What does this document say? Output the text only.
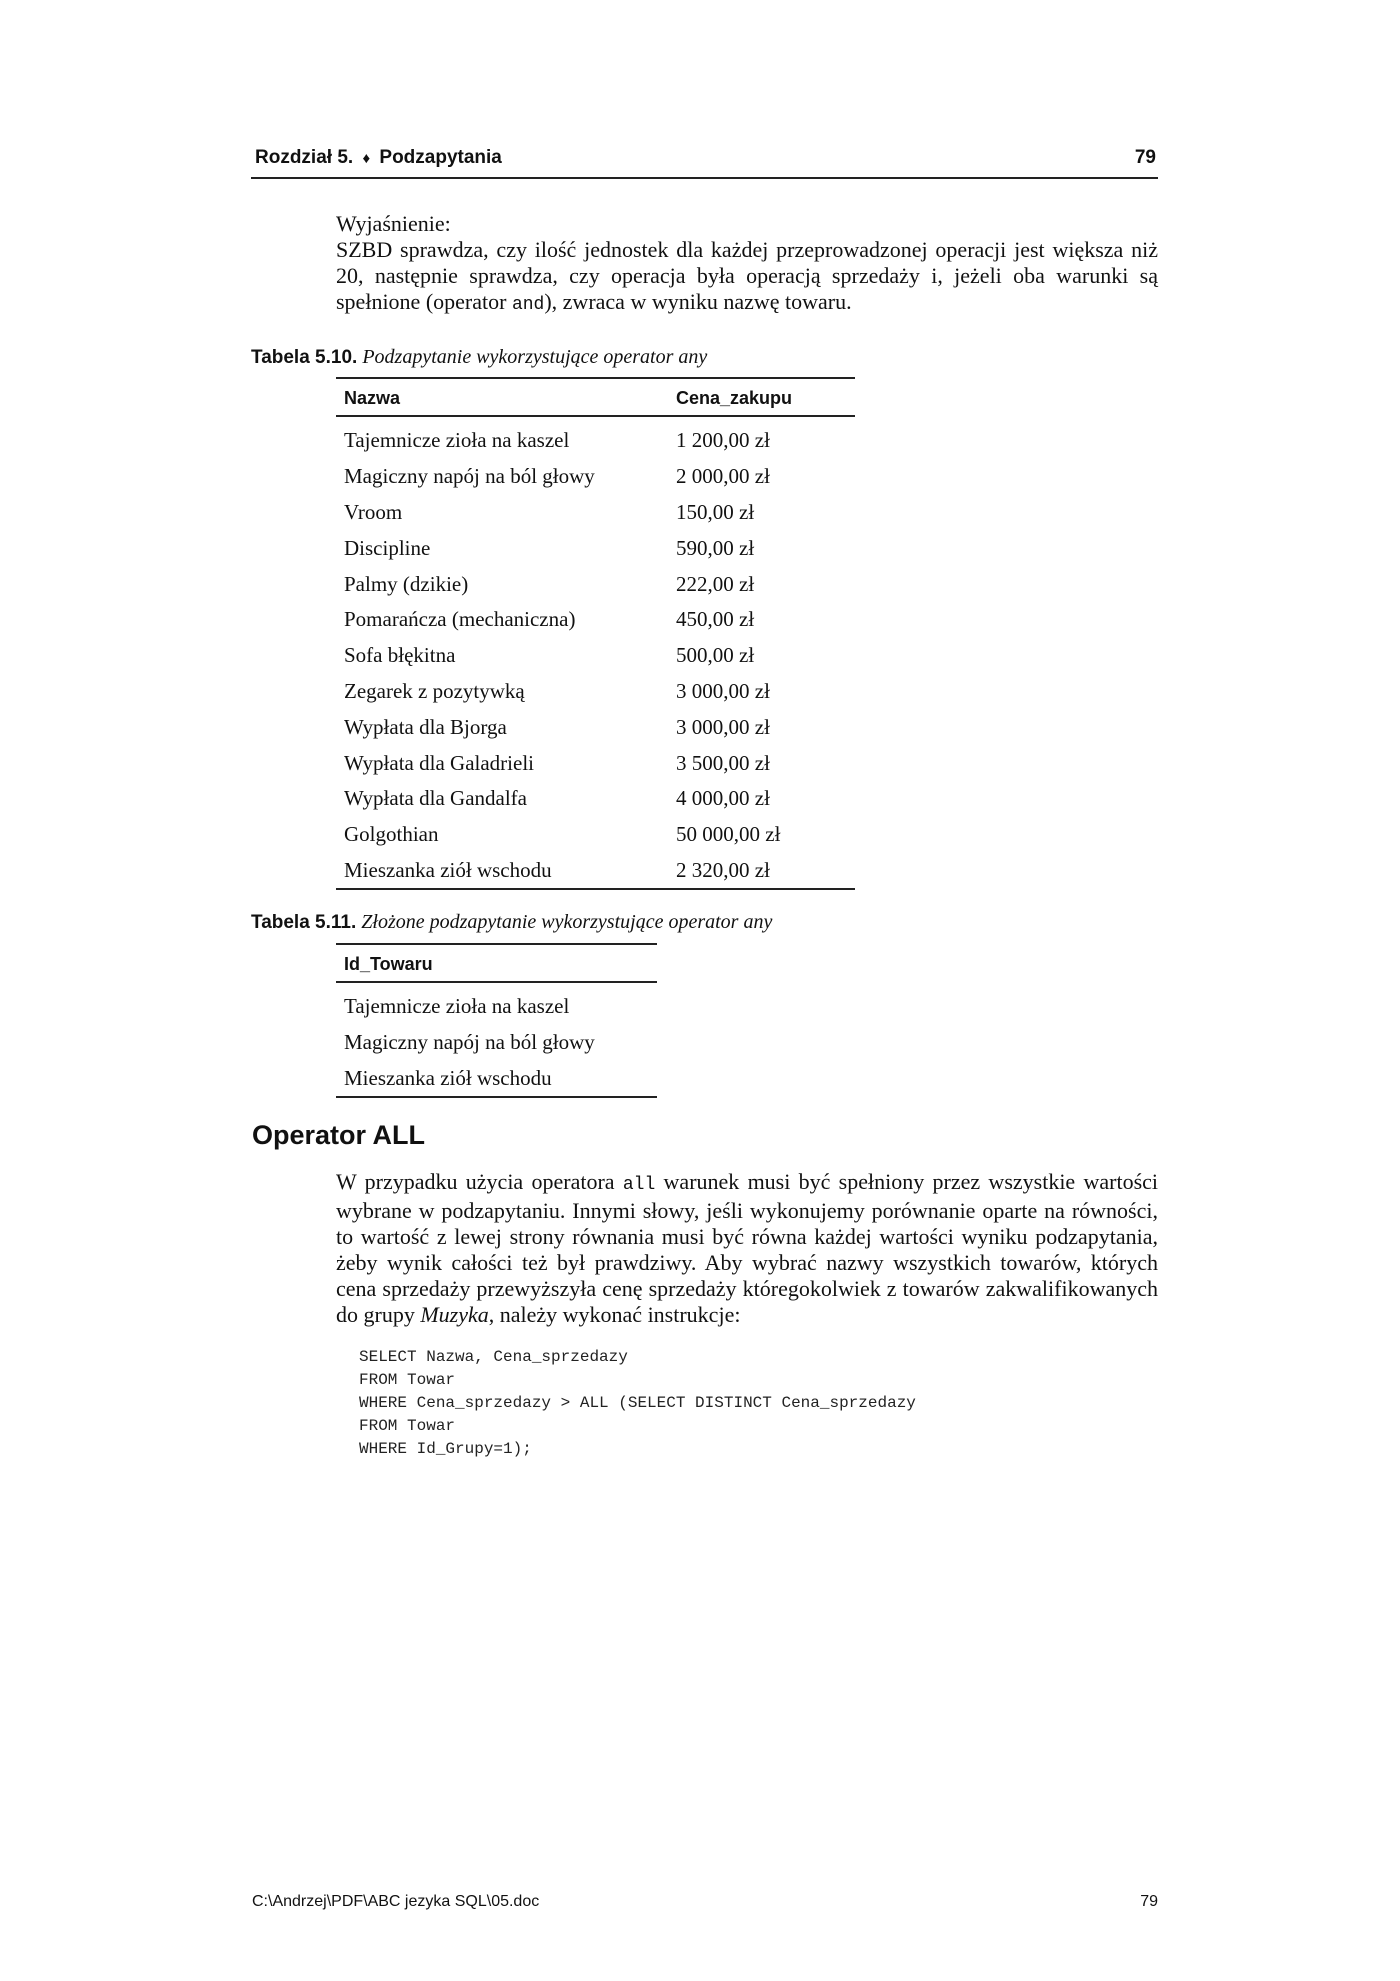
Rozdział 5. ♦ Podzapytania	79

Wyjaśnienie:

SZBD sprawdza, czy ilość jednostek dla każdej przeprowadzonej operacji jest większa niż 20, następnie sprawdza, czy operacja była operacją sprzedaży i, jeżeli oba warunki są spełnione (operator and), zwraca w wyniku nazwę towaru.

Tabela 5.10. Podzapytanie wykorzystujące operator any
Nazwa	Cena_zakupu
Tajemnicze zioła na kaszel	1 200,00 zł
Magiczny napój na ból głowy	2 000,00 zł
Vroom	150,00 zł
Discipline	590,00 zł
Palmy (dzikie)	222,00 zł
Pomarańcza (mechaniczna)	450,00 zł
Sofa błękitna	500,00 zł
Zegarek z pozytywką	3 000,00 zł
Wypłata dla Bjorga	3 000,00 zł
Wypłata dla Galadrieli	3 500,00 zł
Wypłata dla Gandalfa	4 000,00 zł
Golgothian	50 000,00 zł
Mieszanka ziół wschodu	2 320,00 zł
Tabela 5.11. Złożone podzapytanie wykorzystujące operator any
Id_Towaru
Tajemnicze zioła na kaszel
Magiczny napój na ból głowy
Mieszanka ziół wschodu
Operator ALL

W przypadku użycia operatora all warunek musi być spełniony przez wszystkie wartości wybrane w podzapytaniu. Innymi słowy, jeśli wykonujemy porównanie oparte na równości, to wartość z lewej strony równania musi być równa każdej wartości wyniku podzapytania, żeby wynik całości też był prawdziwy. Aby wybrać nazwy wszystkich towarów, których cena sprzedaży przewyższyła cenę sprzedaży któregokolwiek z towarów zakwalifikowanych do grupy Muzyka, należy wykonać instrukcje:

SELECT Nazwa, Cena_sprzedazy
FROM Towar
WHERE Cena_sprzedazy > ALL (SELECT DISTINCT Cena_sprzedazy
FROM Towar
WHERE Id_Grupy=1);
C:\Andrzej\PDF\ABC jezyka SQL\05.doc	79
